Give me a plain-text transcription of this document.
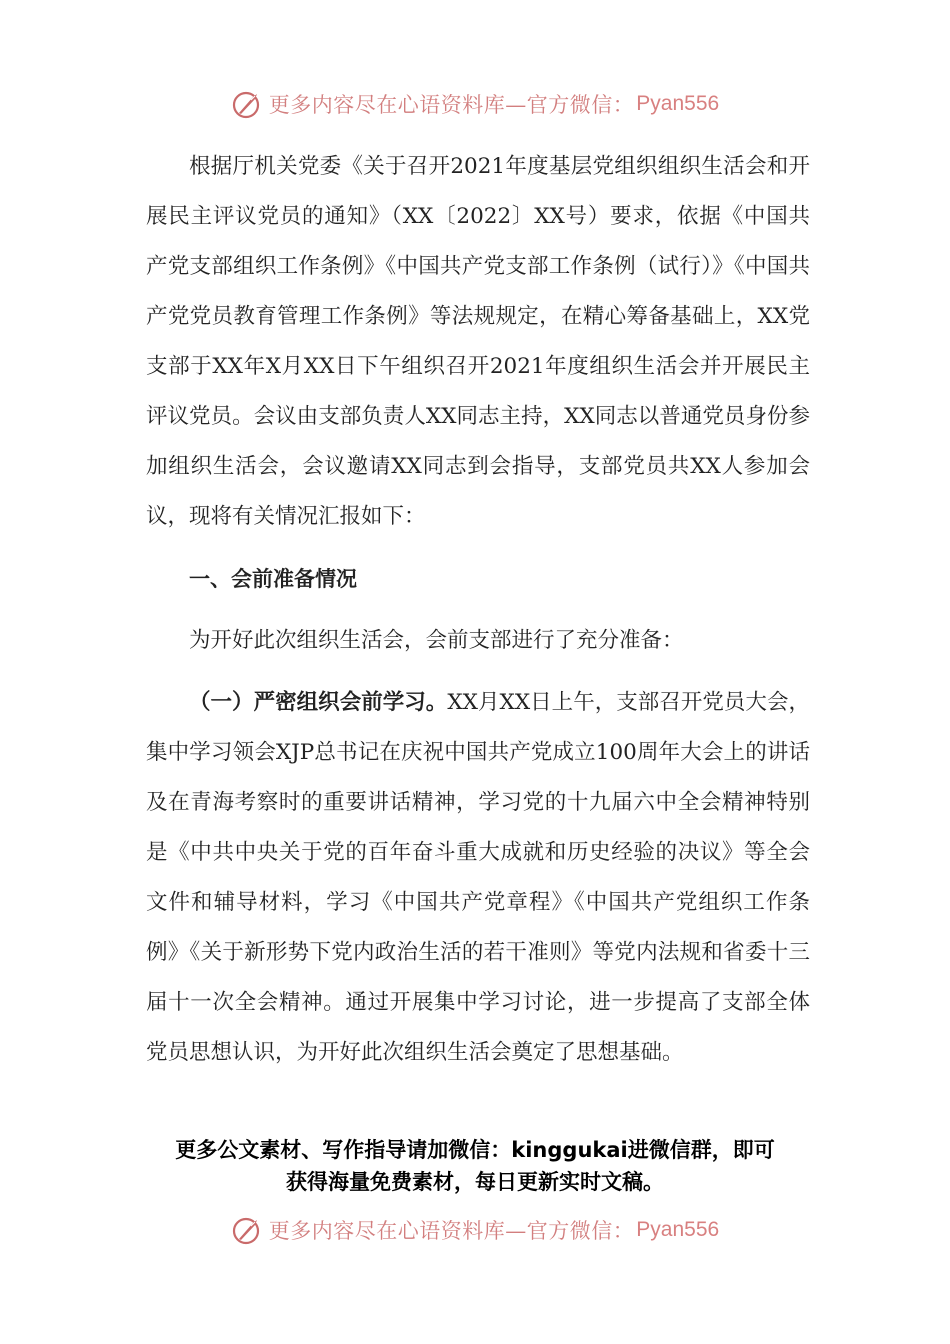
更多内容尽在心语资料库—官方微信： Pyan556

根据厅机关党委《关于召开2021年度基层党组织组织生活会和开展民主评议党员的通知》（XX〔2022〕XX号）要求，依据《中国共产党支部组织工作条例》《中国共产党支部工作条例（试行）》《中国共产党党员教育管理工作条例》等法规规定，在精心筹备基础上，XX党支部于XX年X月XX日下午组织召开2021年度组织生活会并开展民主评议党员。会议由支部负责人XX同志主持，XX同志以普通党员身份参加组织生活会，会议邀请XX同志到会指导，支部党员共XX人参加会议，现将有关情况汇报如下：

一、会前准备情况

为开好此次组织生活会，会前支部进行了充分准备：

（一）严密组织会前学习。XX月XX日上午，支部召开党员大会，集中学习领会XJP总书记在庆祝中国共产党成立100周年大会上的讲话及在青海考察时的重要讲话精神，学习党的十九届六中全会精神特别是《中共中央关于党的百年奋斗重大成就和历史经验的决议》等全会文件和辅导材料，学习《中国共产党章程》《中国共产党组织工作条例》《关于新形势下党内政治生活的若干准则》等党内法规和省委十三届十一次全会精神。通过开展集中学习讨论，进一步提高了支部全体党员思想认识，为开好此次组织生活会奠定了思想基础。

更多公文素材、写作指导请加微信：kinggukai进微信群，即可

获得海量免费素材，每日更新实时文稿。

更多内容尽在心语资料库—官方微信： Pyan556
